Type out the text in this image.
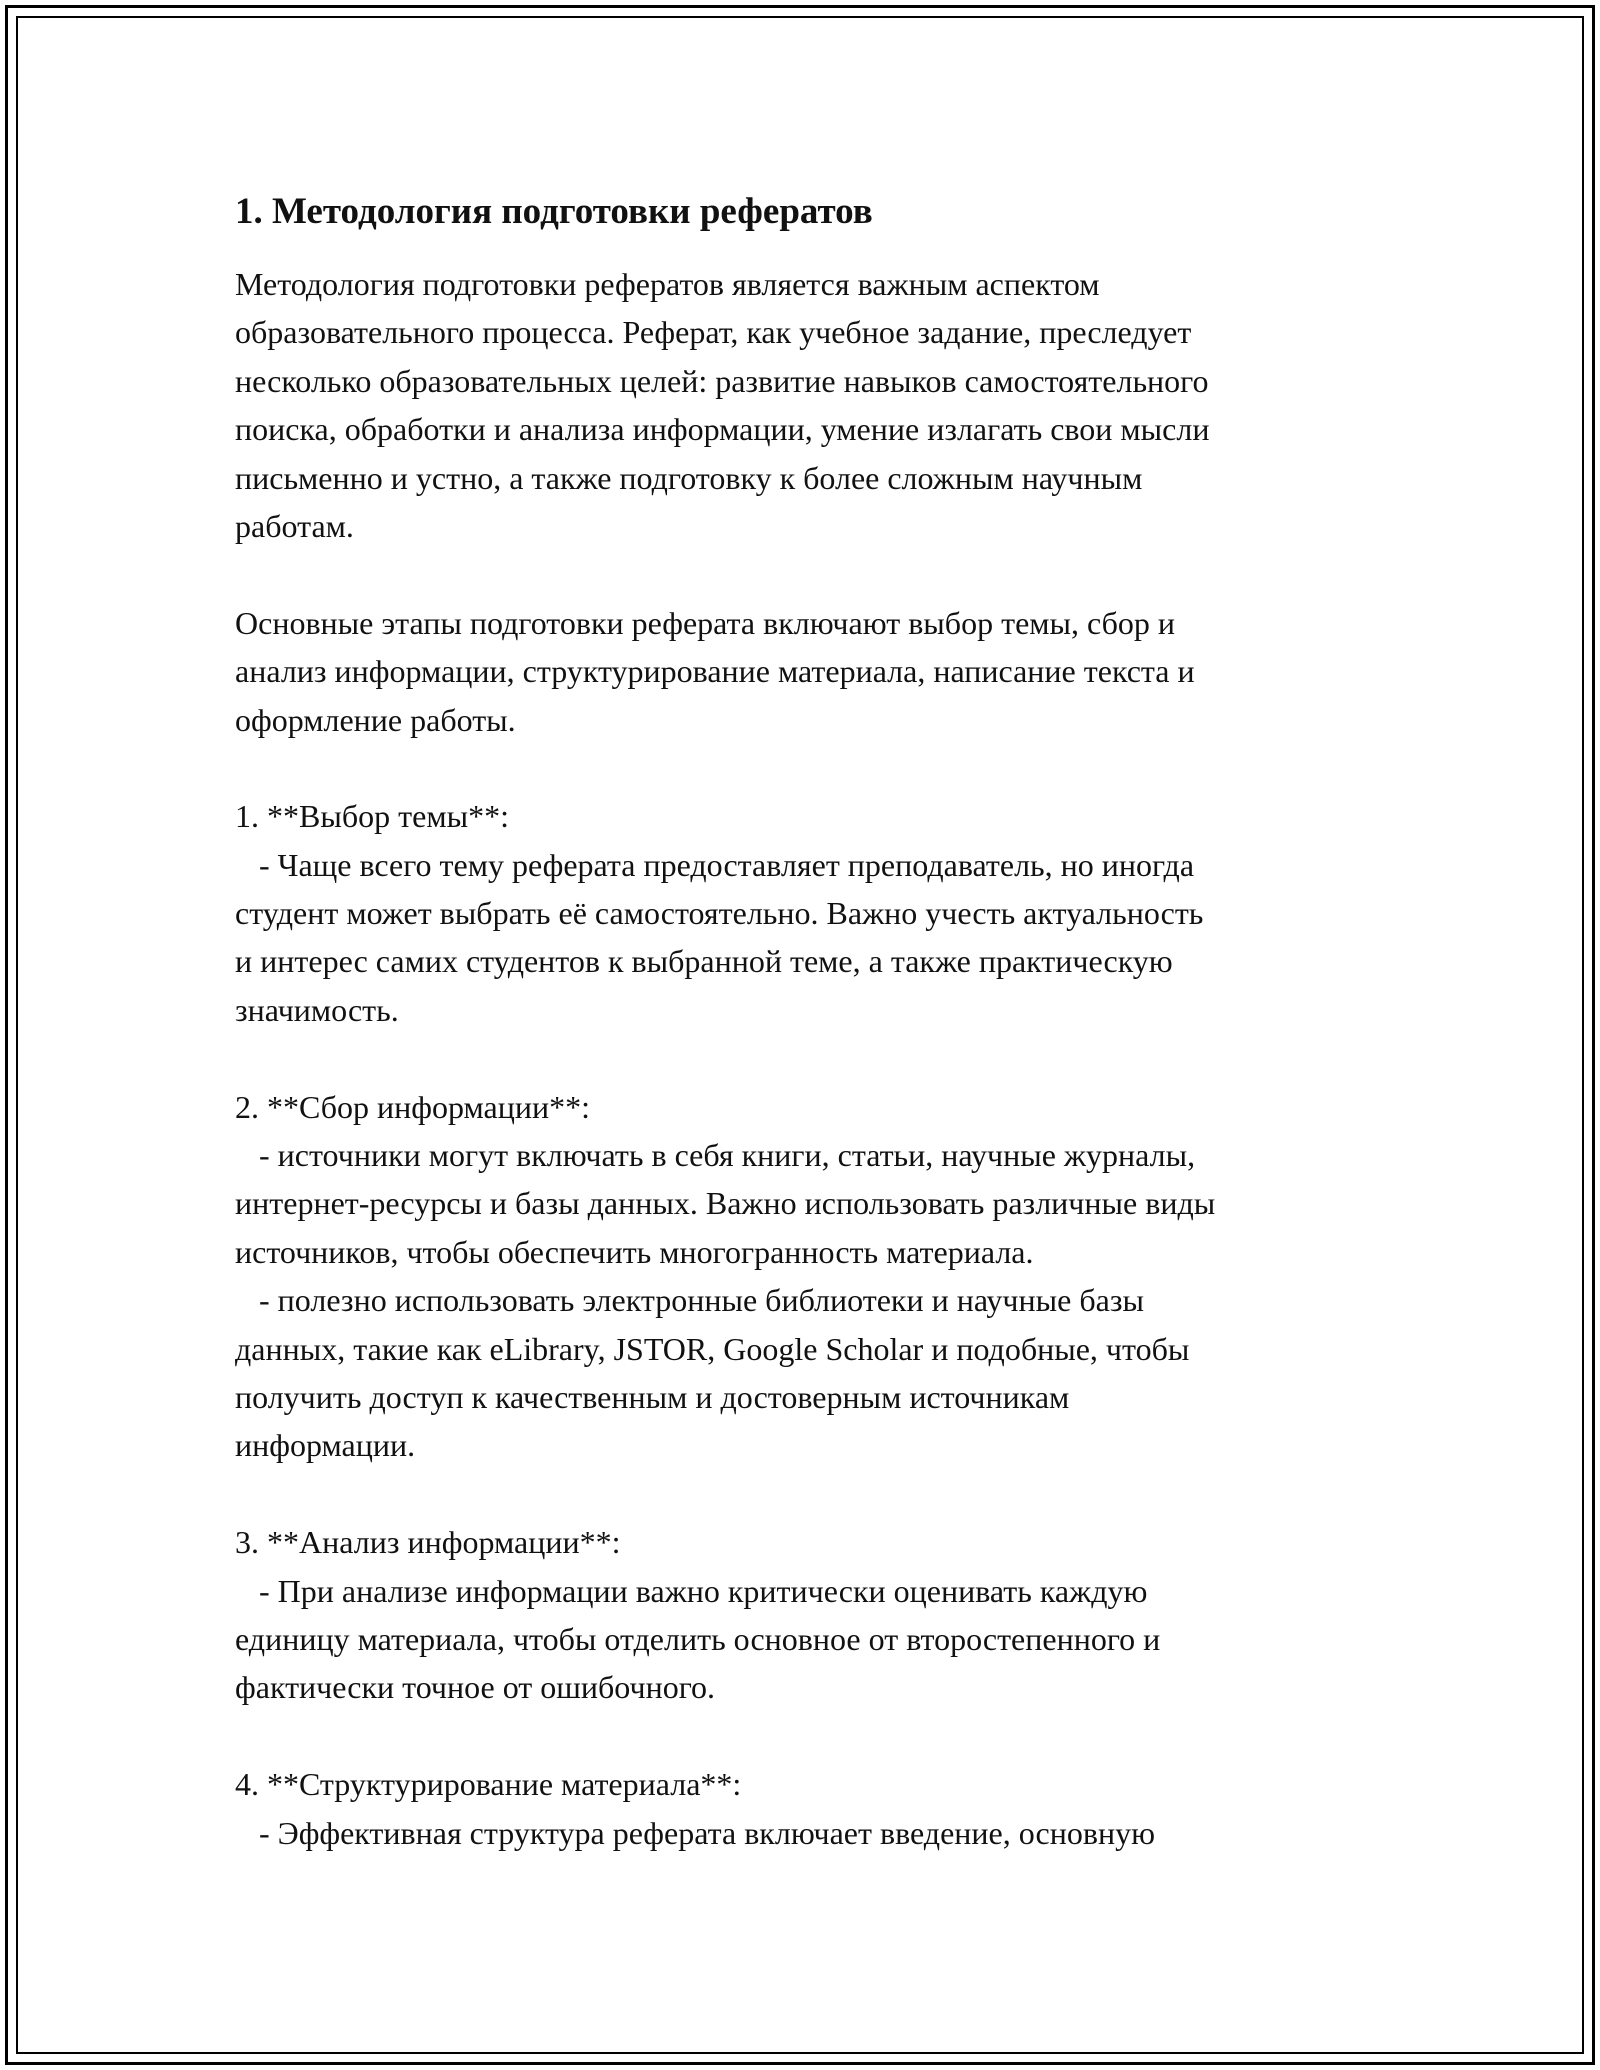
1. Методология подготовки рефератов
Методология подготовки рефератов является важным аспектом
образовательного процесса. Реферат, как учебное задание, преследует
несколько образовательных целей: развитие навыков самостоятельного
поиска, обработки и анализа информации, умение излагать свои мысли
письменно и устно, а также подготовку к более сложным научным
работам.
Основные этапы подготовки реферата включают выбор темы, сбор и
анализ информации, структурирование материала, написание текста и
оформление работы.
1. **Выбор темы**:
- Чаще всего тему реферата предоставляет преподаватель, но иногда
студент может выбрать её самостоятельно. Важно учесть актуальность
и интерес самих студентов к выбранной теме, а также практическую
значимость.
2. **Сбор информации**:
- источники могут включать в себя книги, статьи, научные журналы,
интернет-ресурсы и базы данных. Важно использовать различные виды
источников, чтобы обеспечить многогранность материала.
- полезно использовать электронные библиотеки и научные базы
данных, такие как eLibrary, JSTOR, Google Scholar и подобные, чтобы
получить доступ к качественным и достоверным источникам
информации.
3. **Анализ информации**:
- При анализе информации важно критически оценивать каждую
единицу материала, чтобы отделить основное от второстепенного и
фактически точное от ошибочного.
4. **Структурирование материала**:
- Эффективная структура реферата включает введение, основную
